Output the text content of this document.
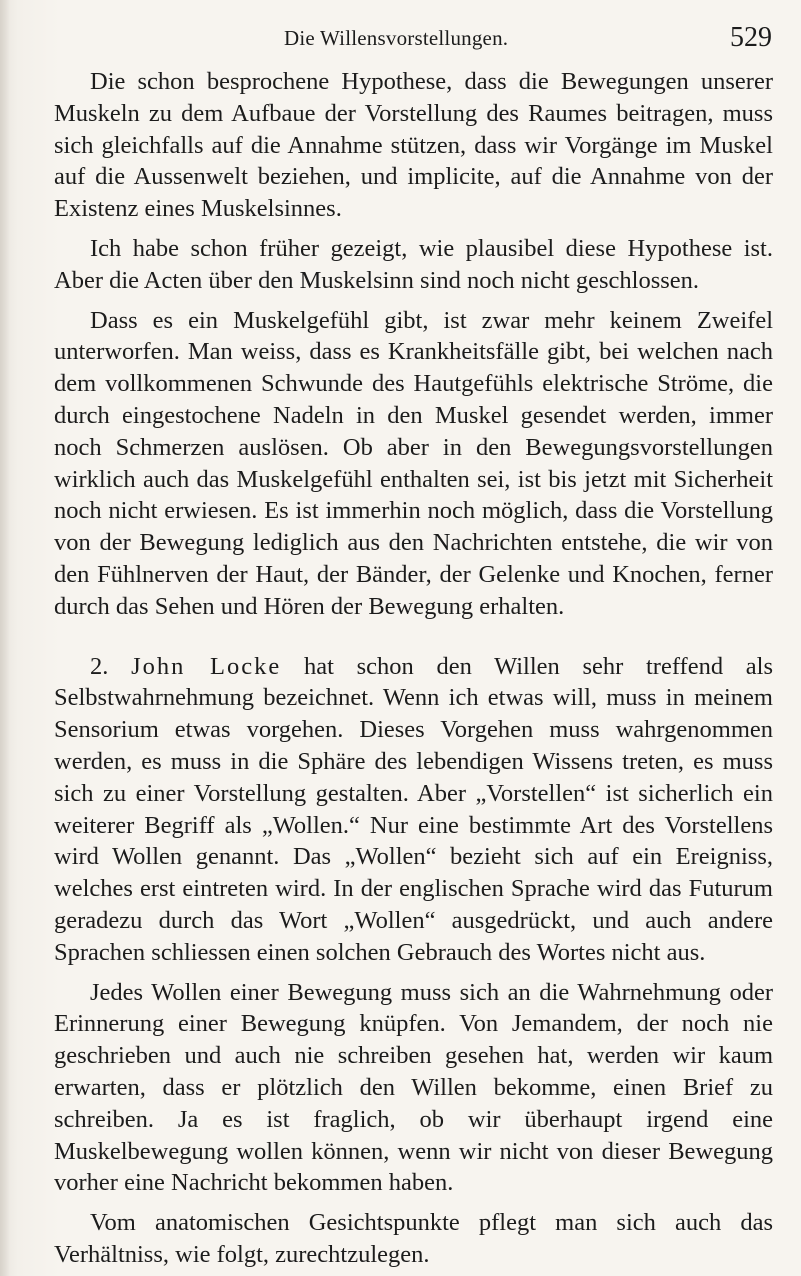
Die Willensvorstellungen.	529

Die schon besprochene Hypothese, dass die Bewegungen unserer Muskeln zu dem Aufbaue der Vorstellung des Raumes beitragen, muss sich gleichfalls auf die Annahme stützen, dass wir Vorgänge im Muskel auf die Aussenwelt beziehen, und implicite, auf die Annahme von der Existenz eines Muskelsinnes.

Ich habe schon früher gezeigt, wie plausibel diese Hypothese ist. Aber die Acten über den Muskelsinn sind noch nicht geschlossen.

Dass es ein Muskelgefühl gibt, ist zwar mehr keinem Zweifel unterworfen. Man weiss, dass es Krankheitsfälle gibt, bei welchen nach dem vollkommenen Schwunde des Hautgefühls elektrische Ströme, die durch eingestochene Nadeln in den Muskel gesendet werden, immer noch Schmerzen auslösen. Ob aber in den Bewegungsvorstellungen wirklich auch das Muskelgefühl enthalten sei, ist bis jetzt mit Sicherheit noch nicht erwiesen. Es ist immerhin noch möglich, dass die Vorstellung von der Bewegung lediglich aus den Nachrichten entstehe, die wir von den Fühlnerven der Haut, der Bänder, der Gelenke und Knochen, ferner durch das Sehen und Hören der Bewegung erhalten.

2. John Locke hat schon den Willen sehr treffend als Selbstwahrnehmung bezeichnet. Wenn ich etwas will, muss in meinem Sensorium etwas vorgehen. Dieses Vorgehen muss wahrgenommen werden, es muss in die Sphäre des lebendigen Wissens treten, es muss sich zu einer Vorstellung gestalten. Aber „Vorstellen“ ist sicherlich ein weiterer Begriff als „Wollen.“ Nur eine bestimmte Art des Vorstellens wird Wollen genannt. Das „Wollen“ bezieht sich auf ein Ereigniss, welches erst eintreten wird. In der englischen Sprache wird das Futurum geradezu durch das Wort „Wollen“ ausgedrückt, und auch andere Sprachen schliessen einen solchen Gebrauch des Wortes nicht aus.

Jedes Wollen einer Bewegung muss sich an die Wahrnehmung oder Erinnerung einer Bewegung knüpfen. Von Jemandem, der noch nie geschrieben und auch nie schreiben gesehen hat, werden wir kaum erwarten, dass er plötzlich den Willen bekomme, einen Brief zu schreiben. Ja es ist fraglich, ob wir überhaupt irgend eine Muskelbewegung wollen können, wenn wir nicht von dieser Bewegung vorher eine Nachricht bekommen haben.

Vom anatomischen Gesichtspunkte pflegt man sich auch das Verhältniss, wie folgt, zurechtzulegen.
